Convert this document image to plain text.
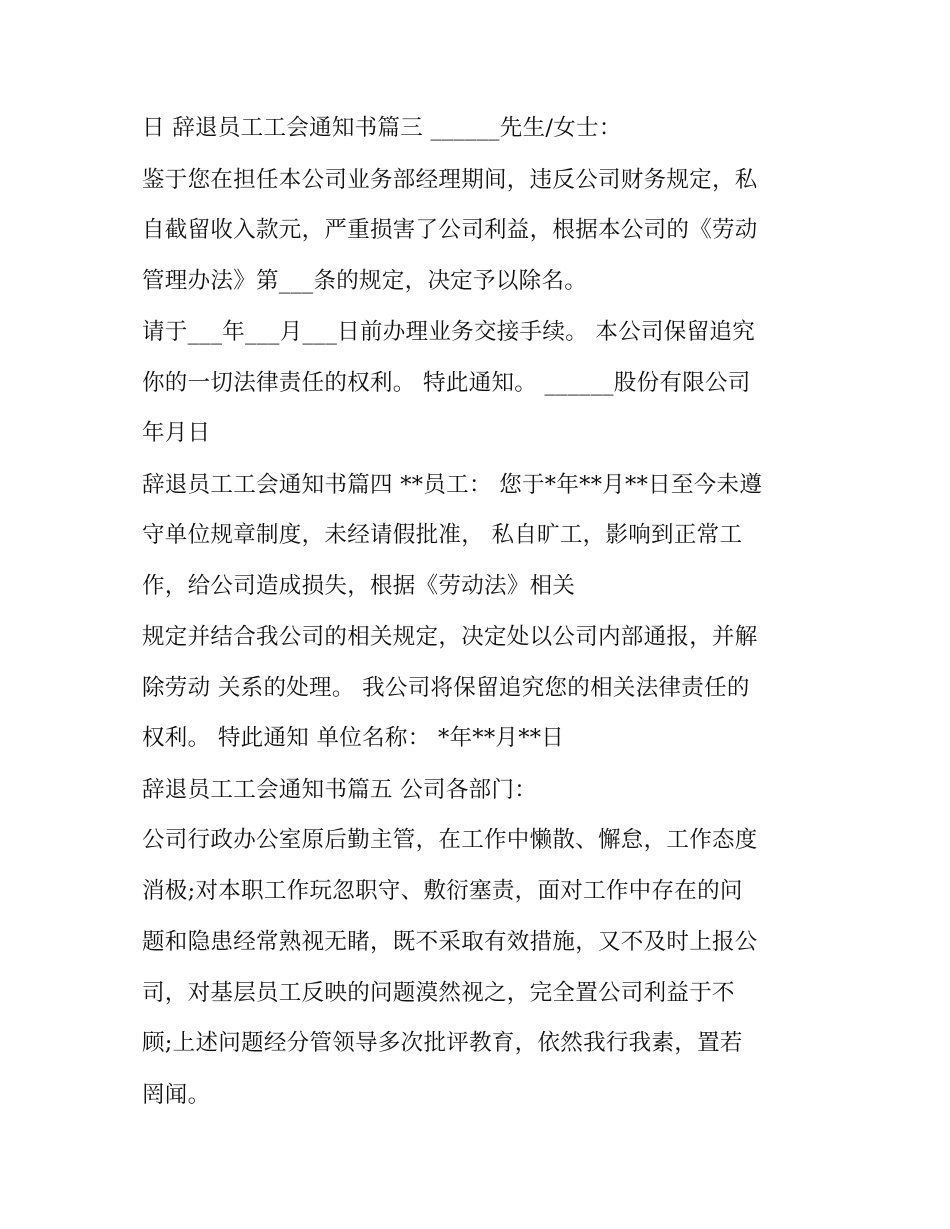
日 辞退员工工会通知书篇三 ______先生/女士：

鉴于您在担任本公司业务部经理期间，违反公司财务规定，私

自截留收入款元，严重损害了公司利益，根据本公司的《劳动

管理办法》第___条的规定，决定予以除名。

请于___年___月___日前办理业务交接手续。 本公司保留追究

你的一切法律责任的权利。 特此通知。 ______股份有限公司

年月日

辞退员工工会通知书篇四 **员工： 您于*年**月**日至今未遵

守单位规章制度，未经请假批准， 私自旷工，影响到正常工

作，给公司造成损失，根据《劳动法》相关

规定并结合我公司的相关规定，决定处以公司内部通报，并解

除劳动 关系的处理。 我公司将保留追究您的相关法律责任的

权利。 特此通知 单位名称： *年**月**日

辞退员工工会通知书篇五 公司各部门：

公司行政办公室原后勤主管，在工作中懒散、懈怠，工作态度

消极;对本职工作玩忽职守、敷衍塞责，面对工作中存在的问

题和隐患经常熟视无睹，既不采取有效措施，又不及时上报公

司，对基层员工反映的问题漠然视之，完全置公司利益于不

顾;上述问题经分管领导多次批评教育，依然我行我素，置若

罔闻。
